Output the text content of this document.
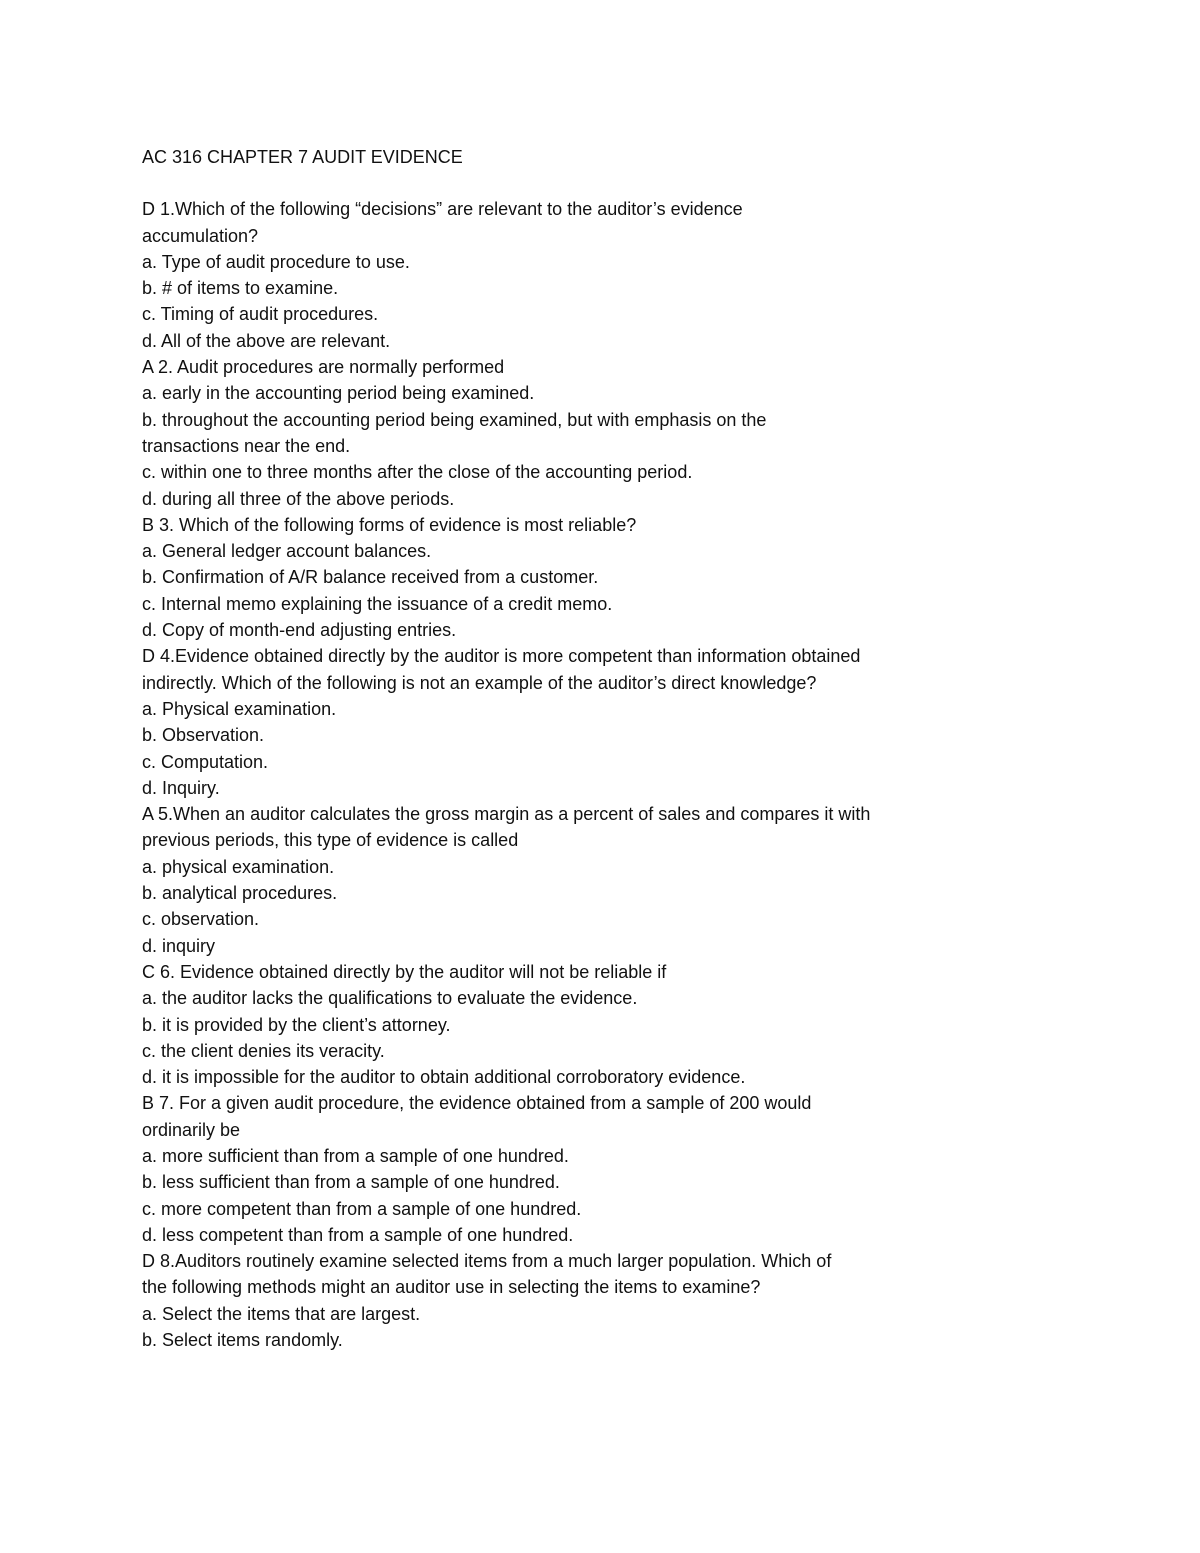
AC 316 CHAPTER 7 AUDIT EVIDENCE

D 1.Which of the following “decisions” are relevant to the auditor’s evidence accumulation?

a. Type of audit procedure to use.

b. # of items to examine.

c. Timing of audit procedures.

d. All of the above are relevant.

A 2. Audit procedures are normally performed

a. early in the accounting period being examined.

b. throughout the accounting period being examined, but with emphasis on the transactions near the end.

c. within one to three months after the close of the accounting period.

d. during all three of the above periods.

B 3. Which of the following forms of evidence is most reliable?

a. General ledger account balances.

b. Confirmation of A/R balance received from a customer.

c. Internal memo explaining the issuance of a credit memo.

d. Copy of month-end adjusting entries.

D 4.Evidence obtained directly by the auditor is more competent than information obtained indirectly. Which of the following is not an example of the auditor’s direct knowledge?

a. Physical examination.

b. Observation.

c. Computation.

d. Inquiry.

A 5.When an auditor calculates the gross margin as a percent of sales and compares it with previous periods, this type of evidence is called

a. physical examination.

b. analytical procedures.

c. observation.

d. inquiry

C 6. Evidence obtained directly by the auditor will not be reliable if

a. the auditor lacks the qualifications to evaluate the evidence.

b. it is provided by the client’s attorney.

c. the client denies its veracity.

d. it is impossible for the auditor to obtain additional corroboratory evidence.

B 7. For a given audit procedure, the evidence obtained from a sample of 200 would ordinarily be

a. more sufficient than from a sample of one hundred.

b. less sufficient than from a sample of one hundred.

c. more competent than from a sample of one hundred.

d. less competent than from a sample of one hundred.

D 8.Auditors routinely examine selected items from a much larger population. Which of the following methods might an auditor use in selecting the items to examine?

a. Select the items that are largest.

b. Select items randomly.
